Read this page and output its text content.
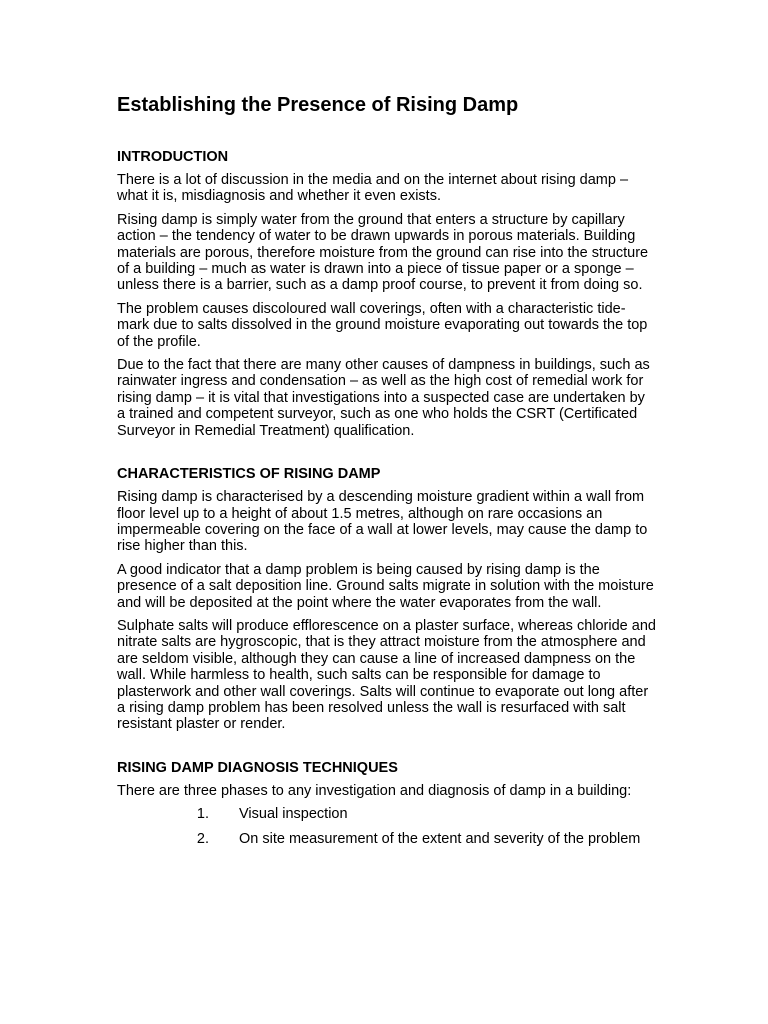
Establishing the Presence of Rising Damp
INTRODUCTION

There is a lot of discussion in the media and on the internet about rising damp – what it is, misdiagnosis and whether it even exists.

Rising damp is simply water from the ground that enters a structure by capillary action – the tendency of water to be drawn upwards in porous materials. Building materials are porous, therefore moisture from the ground can rise into the structure of a building – much as water is drawn into a piece of tissue paper or a sponge – unless there is a barrier, such as a damp proof course, to prevent it from doing so.

The problem causes discoloured wall coverings, often with a characteristic tide-mark due to salts dissolved in the ground moisture evaporating out towards the top of the profile.

Due to the fact that there are many other causes of dampness in buildings, such as rainwater ingress and condensation – as well as the high cost of remedial work for rising damp – it is vital that investigations into a suspected case are undertaken by a trained and competent surveyor, such as one who holds the CSRT (Certificated Surveyor in Remedial Treatment) qualification.

CHARACTERISTICS OF RISING DAMP

Rising damp is characterised by a descending moisture gradient within a wall from floor level up to a height of about 1.5 metres, although on rare occasions an impermeable covering on the face of a wall at lower levels, may cause the damp to rise higher than this.

A good indicator that a damp problem is being caused by rising damp is the presence of a salt deposition line. Ground salts migrate in solution with the moisture and will be deposited at the point where the water evaporates from the wall.

Sulphate salts will produce efflorescence on a plaster surface, whereas chloride and nitrate salts are hygroscopic, that is they attract moisture from the atmosphere and are seldom visible, although they can cause a line of increased dampness on the wall. While harmless to health, such salts can be responsible for damage to plasterwork and other wall coverings. Salts will continue to evaporate out long after a rising damp problem has been resolved unless the wall is resurfaced with salt resistant plaster or render.

RISING DAMP DIAGNOSIS TECHNIQUES

There are three phases to any investigation and diagnosis of damp in a building:

1. Visual inspection
2. On site measurement of the extent and severity of the problem
